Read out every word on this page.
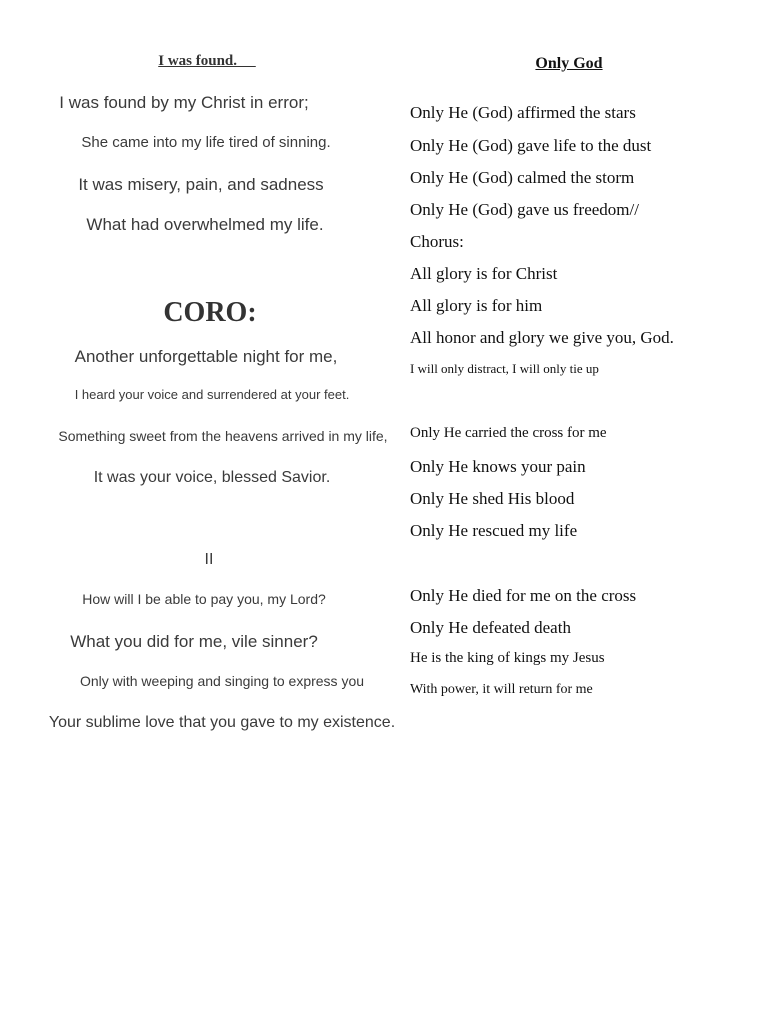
I was found.
I was found by my Christ in error;
She came into my life tired of sinning.
It was misery, pain, and sadness
What had overwhelmed my life.
CORO:
Another unforgettable night for me,
I heard your voice and surrendered at your feet.
Something sweet from the heavens arrived in my life,
It was your voice, blessed Savior.
II
How will I be able to pay you, my Lord?
What you did for me, vile sinner?
Only with weeping and singing to express you
Your sublime love that you gave to my existence.
Only God
Only He (God) affirmed the stars
Only He (God) gave life to the dust
Only He (God) calmed the storm
Only He (God) gave us freedom//
Chorus:
All glory is for Christ
All glory is for him
All honor and glory we give you, God.
I will only distract, I will only tie up
Only He carried the cross for me
Only He knows your pain
Only He shed His blood
Only He rescued my life
Only He died for me on the cross
Only He defeated death
He is the king of kings my Jesus
With power, it will return for me
